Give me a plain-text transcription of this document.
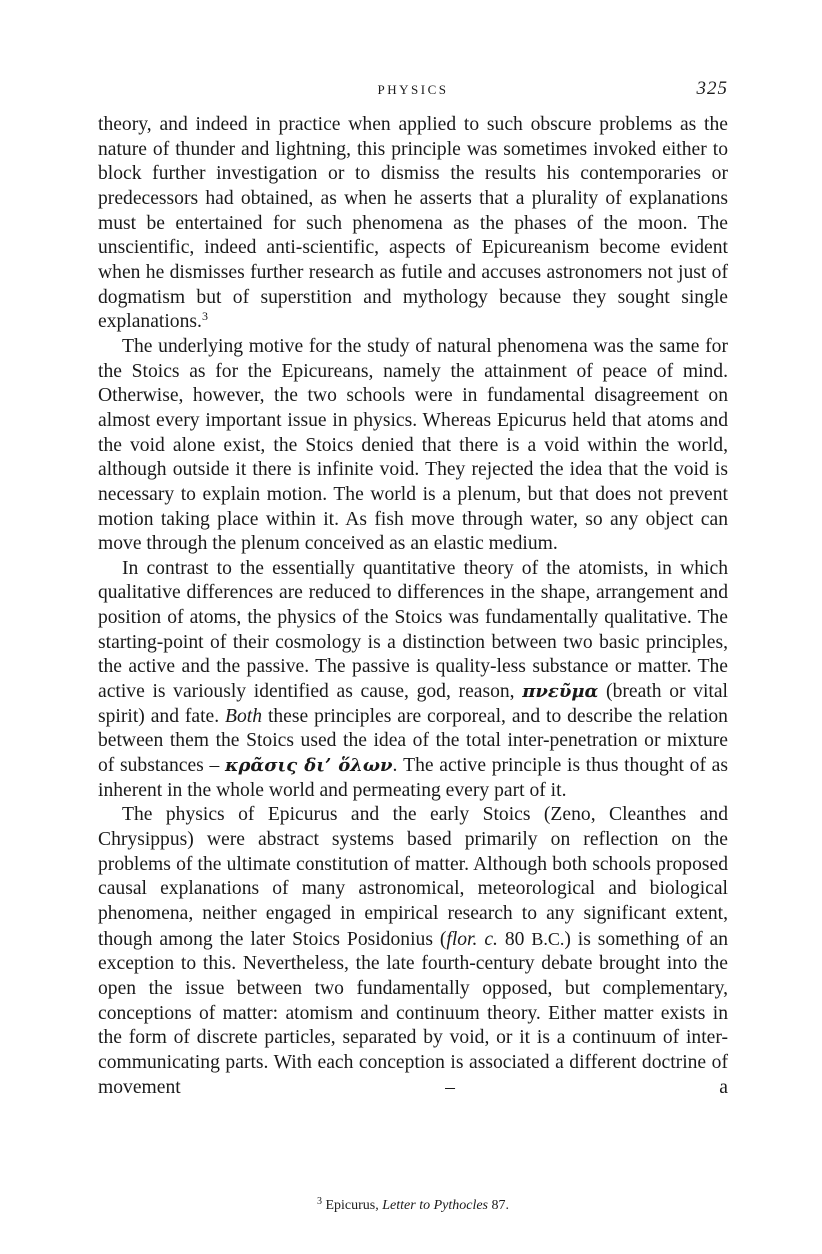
PHYSICS	325

theory, and indeed in practice when applied to such obscure problems as the nature of thunder and lightning, this principle was sometimes invoked either to block further investigation or to dismiss the results his contemporaries or predecessors had obtained, as when he asserts that a plurality of explanations must be entertained for such phenomena as the phases of the moon. The unscientific, indeed anti-scientific, aspects of Epicureanism become evident when he dismisses further research as futile and accuses astronomers not just of dogmatism but of superstition and mythology because they sought single explanations.$^3$

The underlying motive for the study of natural phenomena was the same for the Stoics as for the Epicureans, namely the attainment of peace of mind. Otherwise, however, the two schools were in fundamental disagreement on almost every important issue in physics. Whereas Epicurus held that atoms and the void alone exist, the Stoics denied that there is a void within the world, although outside it there is infinite void. They rejected the idea that the void is necessary to explain motion. The world is a plenum, but that does not prevent motion taking place within it. As fish move through water, so any object can move through the plenum conceived as an elastic medium.

In contrast to the essentially quantitative theory of the atomists, in which qualitative differences are reduced to differences in the shape, arrangement and position of atoms, the physics of the Stoics was fundamentally qualitative. The starting-point of their cosmology is a distinction between two basic principles, the active and the passive. The passive is quality-less substance or matter. The active is variously identified as cause, god, reason, πνεῦμα (breath or vital spirit) and fate. Both these principles are corporeal, and to describe the relation between them the Stoics used the idea of the total inter-penetration or mixture of substances – κρᾶσις δι’ ὅλων. The active principle is thus thought of as inherent in the whole world and permeating every part of it.

The physics of Epicurus and the early Stoics (Zeno, Cleanthes and Chrysippus) were abstract systems based primarily on reflection on the problems of the ultimate constitution of matter. Although both schools proposed causal explanations of many astronomical, meteorological and biological phenomena, neither engaged in empirical research to any significant extent, though among the later Stoics Posidonius (flor. c. 80 B.C.) is something of an exception to this. Nevertheless, the late fourth-century debate brought into the open the issue between two fundamentally opposed, but complementary, conceptions of matter: atomism and continuum theory. Either matter exists in the form of discrete particles, separated by void, or it is a continuum of inter-communicating parts. With each conception is associated a different doctrine of movement – a

$^3$ Epicurus, Letter to Pythocles 87.
